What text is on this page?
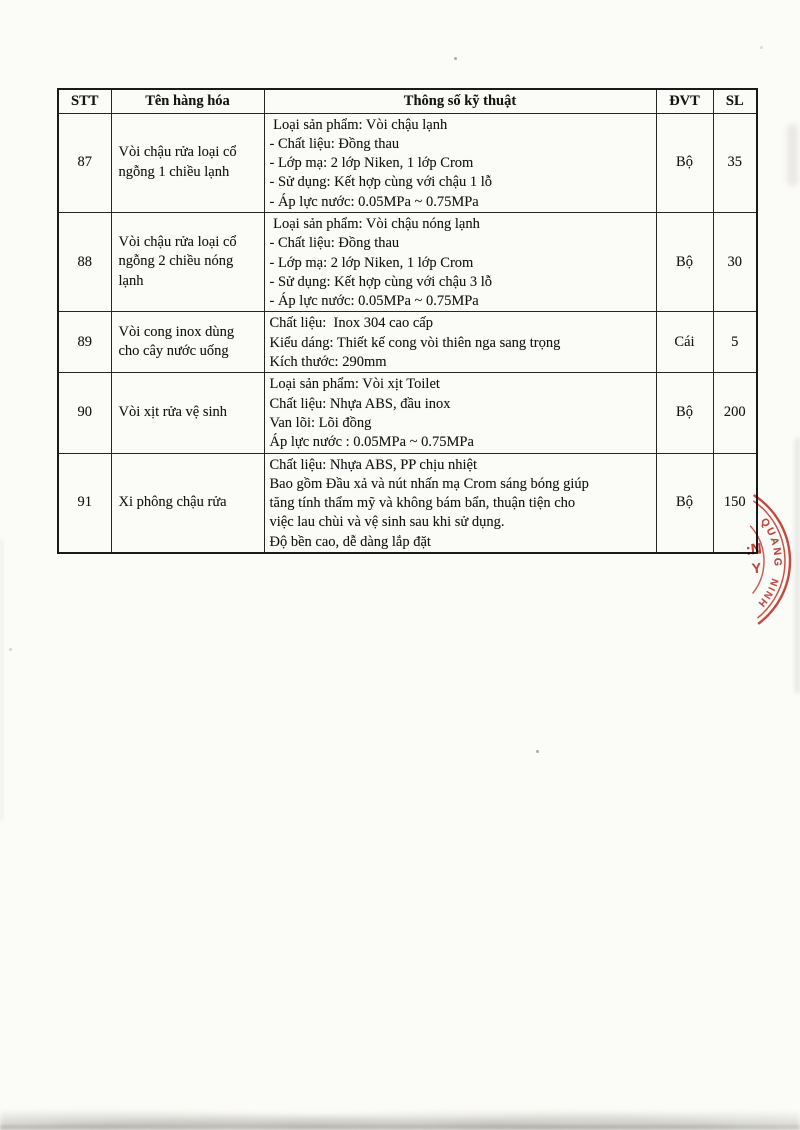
STT	Tên hàng hóa	Thông số kỹ thuật	ĐVT	SL
87	Vòi chậu rửa loại cổ ngỗng 1 chiều lạnh	Loại sản phẩm: Vòi chậu lạnh
- Chất liệu: Đồng thau
- Lớp mạ: 2 lớp Niken, 1 lớp Crom
- Sử dụng: Kết hợp cùng với chậu 1 lỗ
- Áp lực nước: 0.05MPa ~ 0.75MPa	Bộ	35
88	Vòi chậu rửa loại cổ ngỗng 2 chiều nóng lạnh	Loại sản phẩm: Vòi chậu nóng lạnh
- Chất liệu: Đồng thau
- Lớp mạ: 2 lớp Niken, 1 lớp Crom
- Sử dụng: Kết hợp cùng với chậu 3 lỗ
- Áp lực nước: 0.05MPa ~ 0.75MPa	Bộ	30
89	Vòi cong inox dùng cho cây nước uống	Chất liệu:  Inox 304 cao cấp
Kiểu dáng: Thiết kế cong vòi thiên nga sang trọng
Kích thước: 290mm	Cái	5
90	Vòi xịt rửa vệ sinh	Loại sản phẩm: Vòi xịt Toilet
Chất liệu: Nhựa ABS, đầu inox
Van lõi: Lõi đồng
Áp lực nước : 0.05MPa ~ 0.75MPa	Bộ	200
91	Xi phông chậu rửa	Chất liệu: Nhựa ABS, PP chịu nhiệt
Bao gồm Đầu xả và nút nhấn mạ Crom sáng bóng giúp
tăng tính thẩm mỹ và không bám bẩn, thuận tiện cho
việc lau chùi và vệ sinh sau khi sử dụng.
Độ bền cao, dễ dàng lắp đặt	Bộ	150
QUANG
NINH
:N
Y
